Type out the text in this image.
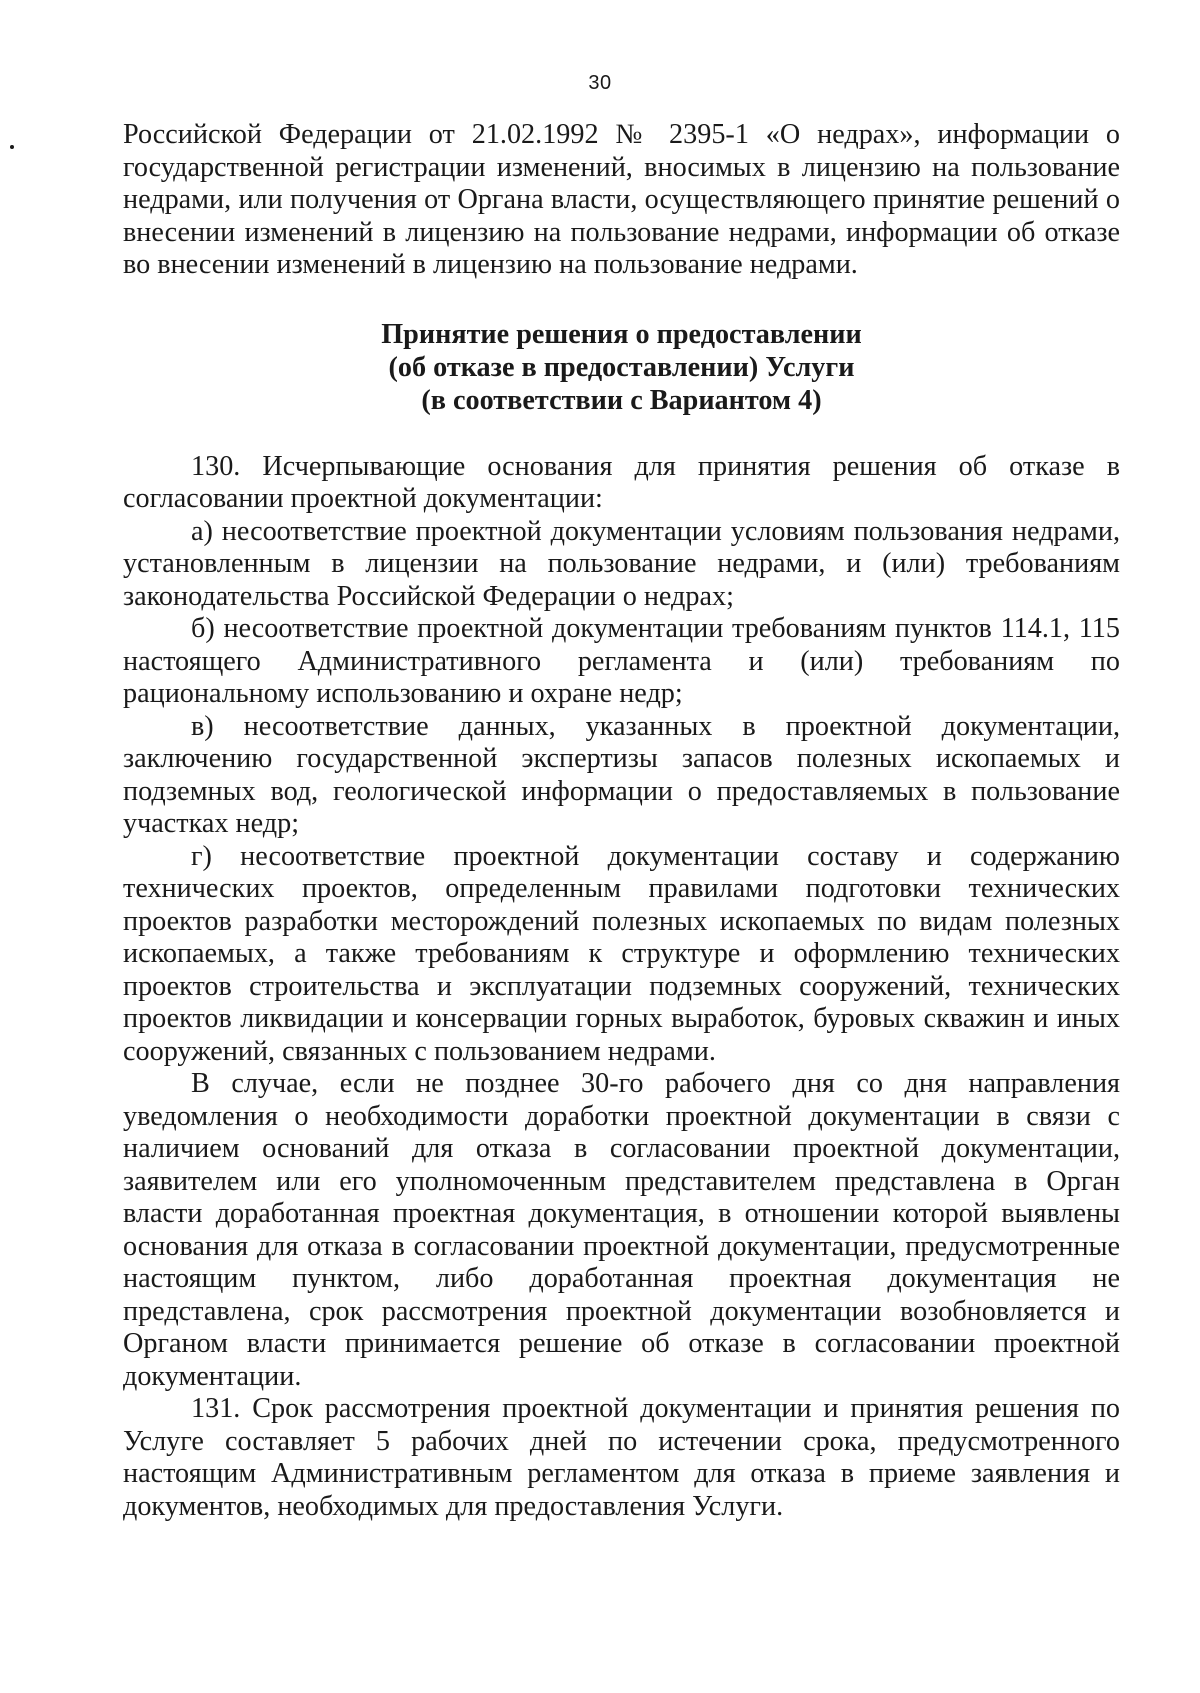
30

Российской Федерации от 21.02.1992 № 2395-1 «О недрах», информации о государственной регистрации изменений, вносимых в лицензию на пользование недрами, или получения от Органа власти, осуществляющего принятие решений о внесении изменений в лицензию на пользование недрами, информации об отказе во внесении изменений в лицензию на пользование недрами.

Принятие решения о предоставлении
(об отказе в предоставлении) Услуги
(в соответствии с Вариантом 4)

130. Исчерпывающие основания для принятия решения об отказе в согласовании проектной документации:

а) несоответствие проектной документации условиям пользования недрами, установленным в лицензии на пользование недрами, и (или) требованиям законодательства Российской Федерации о недрах;

б) несоответствие проектной документации требованиям пунктов 114.1, 115 настоящего Административного регламента и (или) требованиям по рациональному использованию и охране недр;

в) несоответствие данных, указанных в проектной документации, заключению государственной экспертизы запасов полезных ископаемых и подземных вод, геологической информации о предоставляемых в пользование участках недр;

г) несоответствие проектной документации составу и содержанию технических проектов, определенным правилами подготовки технических проектов разработки месторождений полезных ископаемых по видам полезных ископаемых, а также требованиям к структуре и оформлению технических проектов строительства и эксплуатации подземных сооружений, технических проектов ликвидации и консервации горных выработок, буровых скважин и иных сооружений, связанных с пользованием недрами.

В случае, если не позднее 30-го рабочего дня со дня направления уведомления о необходимости доработки проектной документации в связи с наличием оснований для отказа в согласовании проектной документации, заявителем или его уполномоченным представителем представлена в Орган власти доработанная проектная документация, в отношении которой выявлены основания для отказа в согласовании проектной документации, предусмотренные настоящим пунктом, либо доработанная проектная документация не представлена, срок рассмотрения проектной документации возобновляется и Органом власти принимается решение об отказе в согласовании проектной документации.

131. Срок рассмотрения проектной документации и принятия решения по Услуге составляет 5 рабочих дней по истечении срока, предусмотренного настоящим Административным регламентом для отказа в приеме заявления и документов, необходимых для предоставления Услуги.
